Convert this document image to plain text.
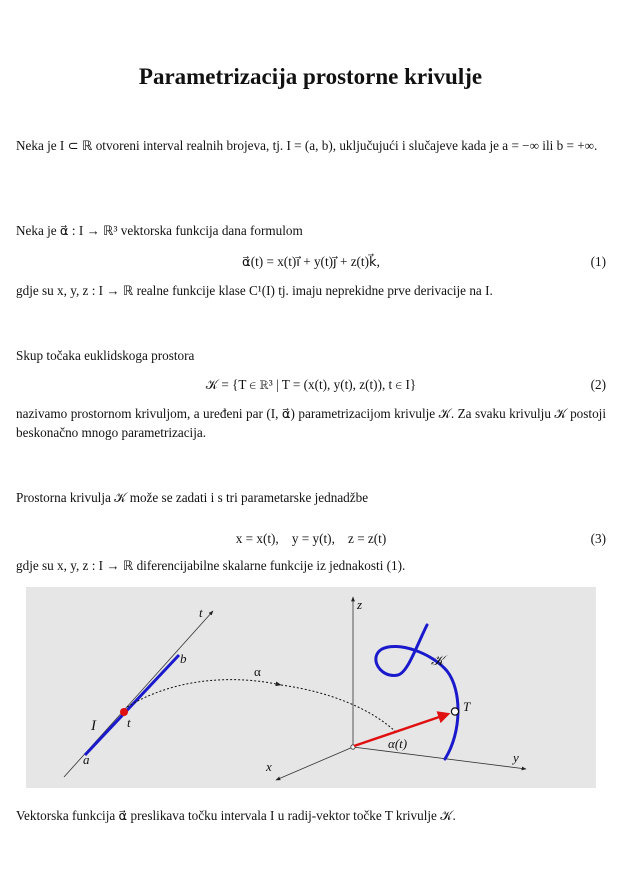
Parametrizacija prostorne krivulje
Neka je I ⊂ ℝ otvoreni interval realnih brojeva, tj. I = (a, b), uključujući i slučajeve kada je a = −∞ ili b = +∞.
Neka je α⃗ : I → ℝ³ vektorska funkcija dana formulom
α⃗(t) = x(t)i⃗ + y(t)j⃗ + z(t)k⃗,	(1)
gdje su x, y, z : I → ℝ realne funkcije klase C¹(I) tj. imaju neprekidne prve derivacije na I.
Skup točaka euklidskoga prostora
𝒦 = {T ∈ ℝ³ | T = (x(t), y(t), z(t)), t ∈ I}	(2)
nazivamo prostornom krivuljom, a uređeni par (I, α⃗) parametrizacijom krivulje 𝒦. Za svaku krivulju 𝒦 postoji beskonačno mnogo parametrizacija.
Prostorna krivulja 𝒦 može se zadati i s tri parametarske jednadžbe
x = x(t),    y = y(t),    z = z(t)	(3)
gdje su x, y, z : I → ℝ diferencijabilne skalarne funkcije iz jednakosti (1).
t
b
I t
a
α
z
x
y
𝒦
T
α(t)
Vektorska funkcija α⃗ preslikava točku intervala I u radij-vektor točke T krivulje 𝒦.
